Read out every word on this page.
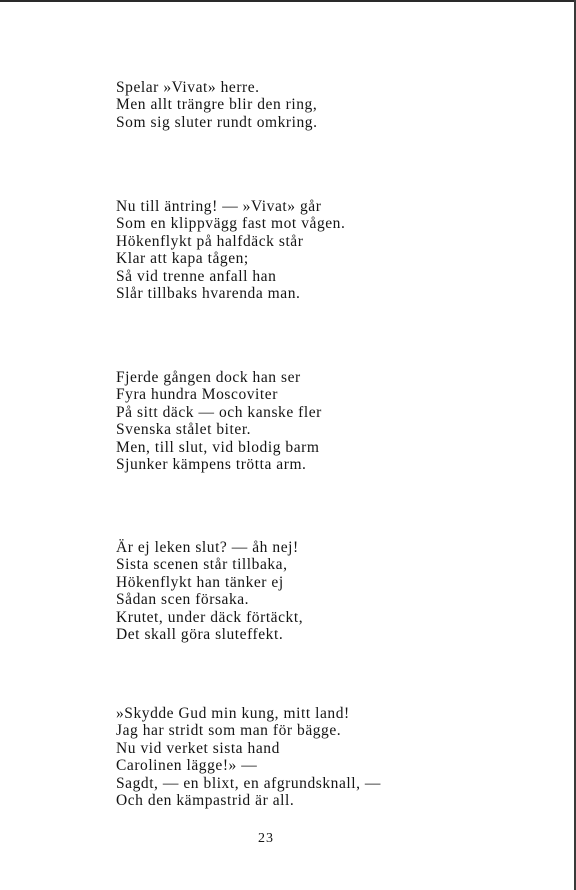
Spelar »Vivat» herre.
Men allt trängre blir den ring,
Som sig sluter rundt omkring.
Nu till äntring! — »Vivat» går
Som en klippvägg fast mot vågen.
Hökenflykt på halfdäck står
Klar att kapa tågen;
Så vid trenne anfall han
Slår tillbaks hvarenda man.
Fjerde gången dock han ser
Fyra hundra Moscoviter
På sitt däck — och kanske fler
Svenska stålet biter.
Men, till slut, vid blodig barm
Sjunker kämpens trötta arm.
Är ej leken slut? — åh nej!
Sista scenen står tillbaka,
Hökenflykt han tänker ej
Sådan scen försaka.
Krutet, under däck förtäckt,
Det skall göra sluteffekt.
»Skydde Gud min kung, mitt land!
Jag har stridt som man för bägge.
Nu vid verket sista hand
Carolinen lägge!» —
Sagdt, — en blixt, en afgrundsknall, —
Och den kämpastrid är all.
23
